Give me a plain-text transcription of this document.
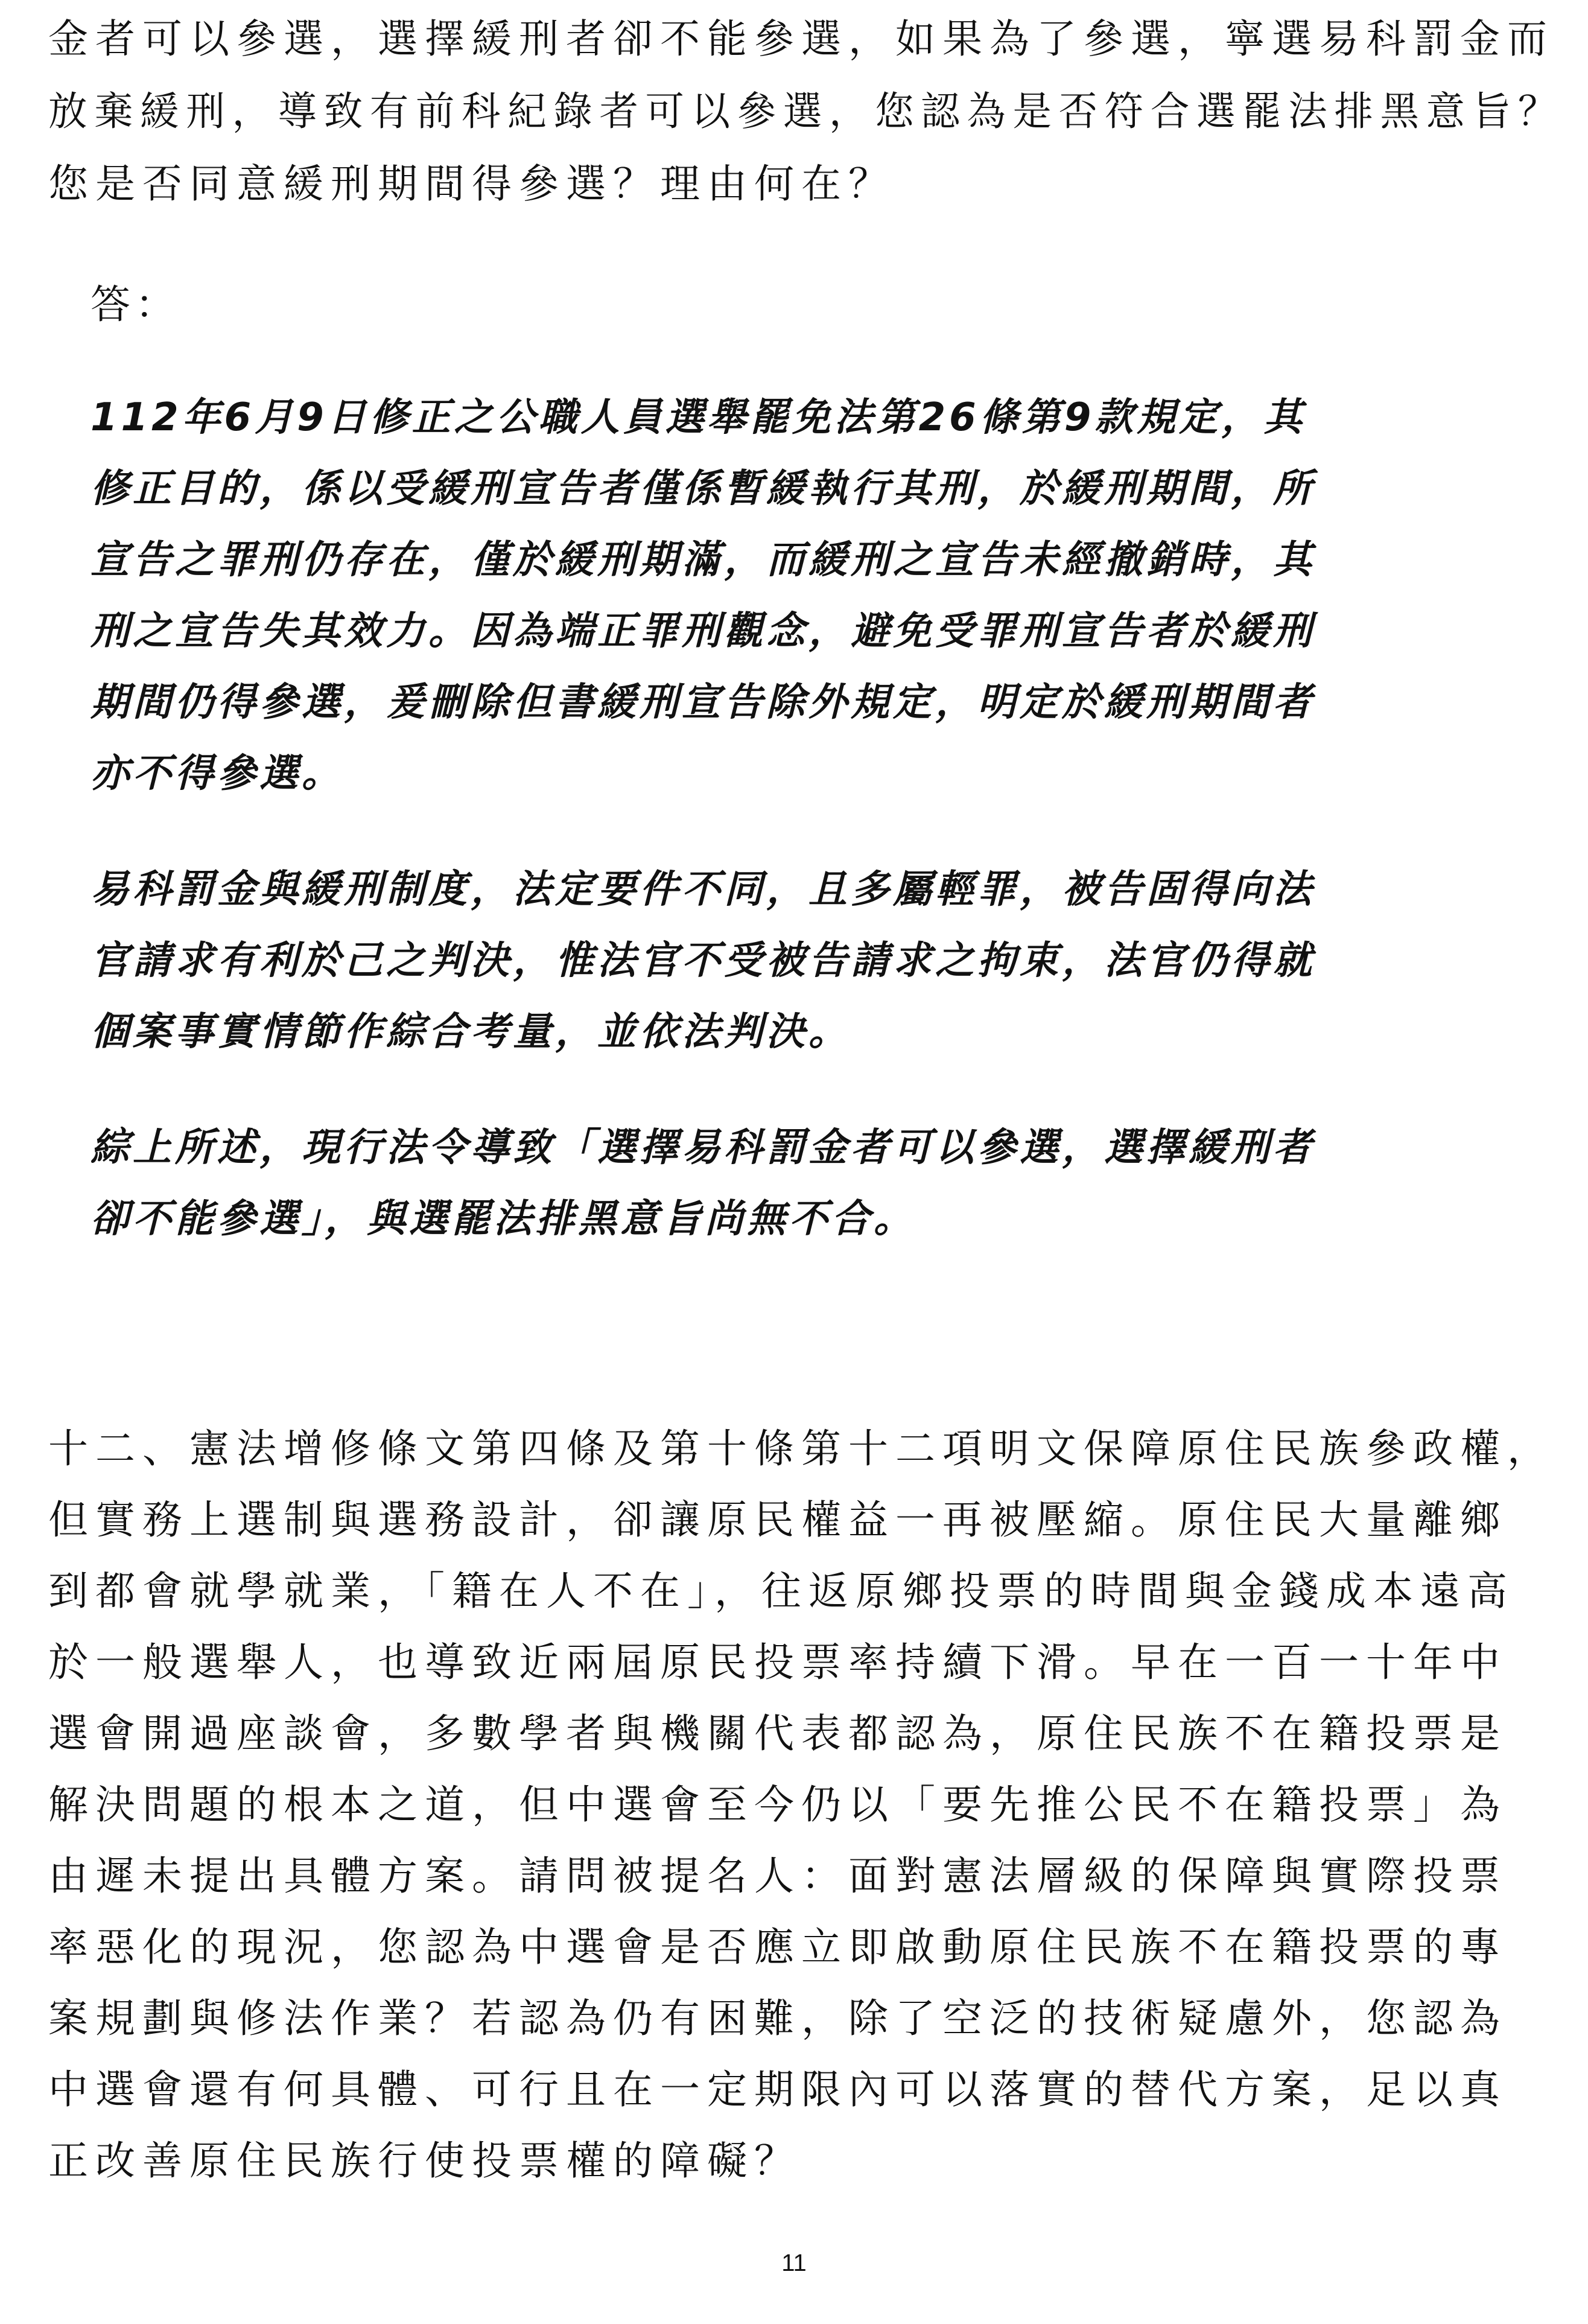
金者可以參選，選擇緩刑者卻不能參選，如果為了參選，寧選易科罰金而
放棄緩刑，導致有前科紀錄者可以參選，您認為是否符合選罷法排黑意旨？
您是否同意緩刑期間得參選？理由何在？
答：
112年6月9日修正之公職人員選舉罷免法第26條第9款規定，其
修正目的，係以受緩刑宣告者僅係暫緩執行其刑，於緩刑期間，所
宣告之罪刑仍存在，僅於緩刑期滿，而緩刑之宣告未經撤銷時，其
刑之宣告失其效力。因為端正罪刑觀念，避免受罪刑宣告者於緩刑
期間仍得參選，爰刪除但書緩刑宣告除外規定，明定於緩刑期間者
亦不得參選。
易科罰金與緩刑制度，法定要件不同，且多屬輕罪，被告固得向法
官請求有利於己之判決，惟法官不受被告請求之拘束，法官仍得就
個案事實情節作綜合考量，並依法判決。
綜上所述，現行法令導致「選擇易科罰金者可以參選，選擇緩刑者
卻不能參選」，與選罷法排黑意旨尚無不合。
十二、憲法增修條文第四條及第十條第十二項明文保障原住民族參政權，
但實務上選制與選務設計，卻讓原民權益一再被壓縮。原住民大量離鄉
到都會就學就業，「籍在人不在」，往返原鄉投票的時間與金錢成本遠高
於一般選舉人，也導致近兩屆原民投票率持續下滑。早在一百一十年中
選會開過座談會，多數學者與機關代表都認為，原住民族不在籍投票是
解決問題的根本之道，但中選會至今仍以「要先推公民不在籍投票」為
由遲未提出具體方案。請問被提名人：面對憲法層級的保障與實際投票
率惡化的現況，您認為中選會是否應立即啟動原住民族不在籍投票的專
案規劃與修法作業？若認為仍有困難，除了空泛的技術疑慮外，您認為
中選會還有何具體、可行且在一定期限內可以落實的替代方案，足以真
正改善原住民族行使投票權的障礙？
11
